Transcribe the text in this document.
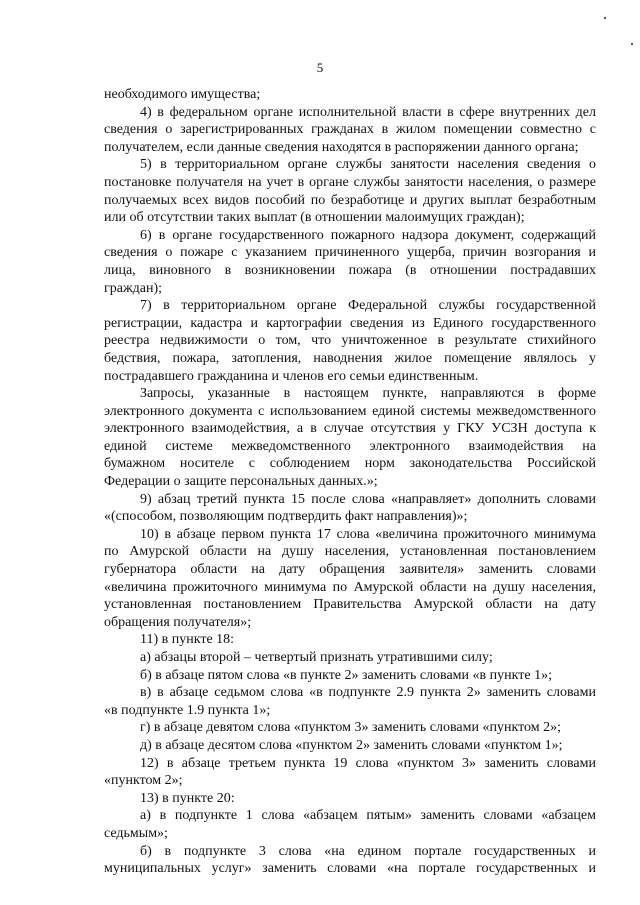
5
необходимого имущества;
4) в федеральном органе исполнительной власти в сфере внутренних дел
сведения о зарегистрированных гражданах в жилом помещении совместно с
получателем, если данные сведения находятся в распоряжении данного органа;
5) в территориальном органе службы занятости населения сведения о
постановке получателя на учет в органе службы занятости населения, о размере
получаемых всех видов пособий по безработице и других выплат безработным
или об отсутствии таких выплат (в отношении малоимущих граждан);
6) в органе государственного пожарного надзора документ, содержащий
сведения о пожаре с указанием причиненного ущерба, причин возгорания и
лица, виновного в возникновении пожара (в отношении пострадавших
граждан);
7) в территориальном органе Федеральной службы государственной
регистрации, кадастра и картографии сведения из Единого государственного
реестра недвижимости о том, что уничтоженное в результате стихийного
бедствия, пожара, затопления, наводнения жилое помещение являлось у
пострадавшего гражданина и членов его семьи единственным.
Запросы, указанные в настоящем пункте, направляются в форме
электронного документа с использованием единой системы межведомственного
электронного взаимодействия, а в случае отсутствия у ГКУ УСЗН доступа к
единой системе межведомственного электронного взаимодействия на
бумажном носителе с соблюдением норм законодательства Российской
Федерации о защите персональных данных.»;
9) абзац третий пункта 15 после слова «направляет» дополнить словами
«(способом, позволяющим подтвердить факт направления)»;
10) в абзаце первом пункта 17 слова «величина прожиточного минимума
по Амурской области на душу населения, установленная постановлением
губернатора области на дату обращения заявителя» заменить словами
«величина прожиточного минимума по Амурской области на душу населения,
установленная постановлением Правительства Амурской области на дату
обращения получателя»;
11) в пункте 18:
а) абзацы второй – четвертый признать утратившими силу;
б) в абзаце пятом слова «в пункте 2» заменить словами «в пункте 1»;
в) в абзаце седьмом слова «в подпункте 2.9 пункта 2» заменить словами
«в подпункте 1.9 пункта 1»;
г) в абзаце девятом слова «пунктом 3» заменить словами «пунктом 2»;
д) в абзаце десятом слова «пунктом 2» заменить словами «пунктом 1»;
12) в абзаце третьем пункта 19 слова «пунктом 3» заменить словами
«пунктом 2»;
13) в пункте 20:
а) в подпункте 1 слова «абзацем пятым» заменить словами «абзацем
седьмым»;
б) в подпункте 3 слова «на едином портале государственных и
муниципальных услуг» заменить словами «на портале государственных и
